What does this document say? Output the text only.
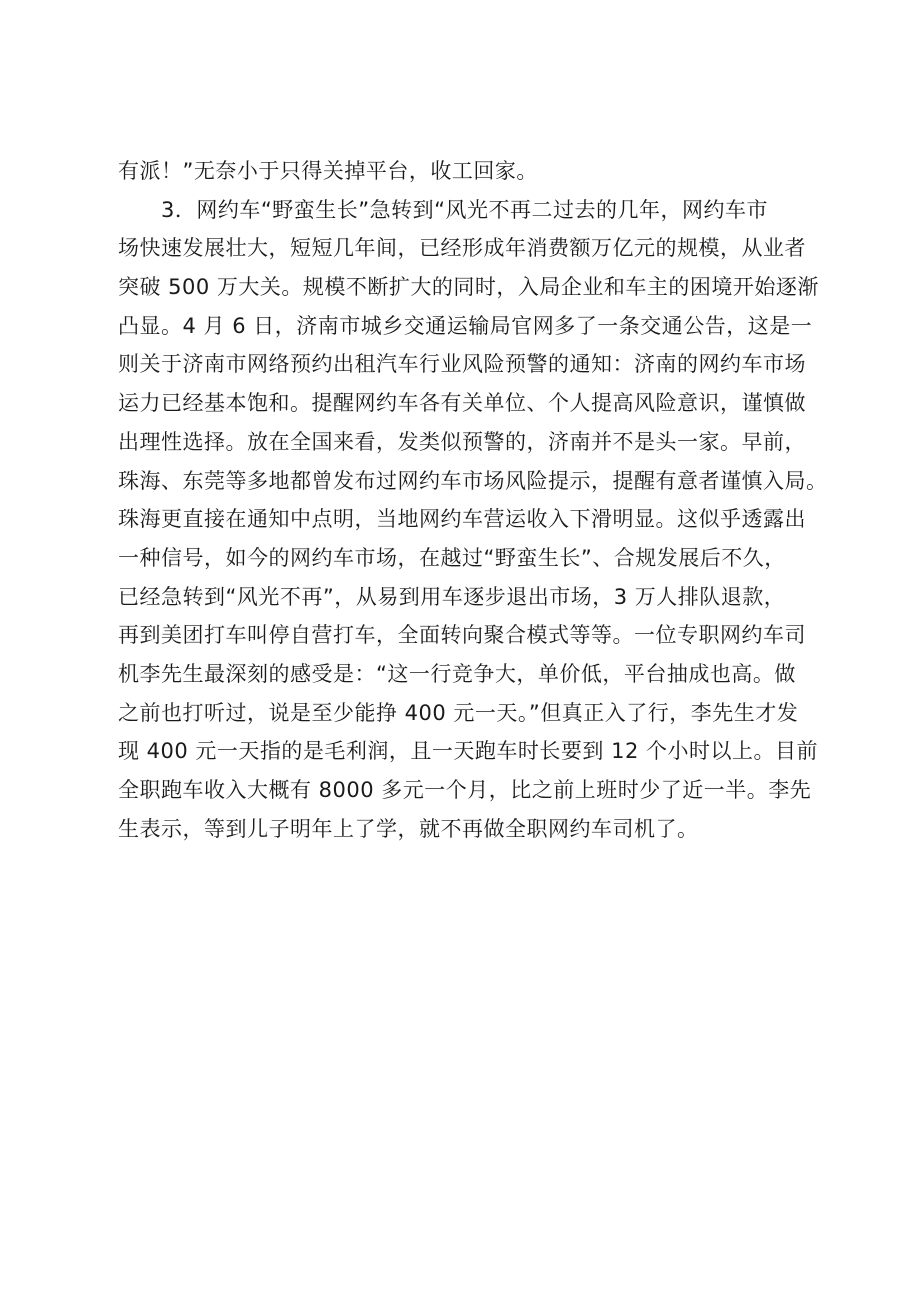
有派！”无奈小于只得关掉平台，收工回家。
　　3．网约车“野蛮生长”急转到“风光不再二过去的几年，网约车市
场快速发展壮大，短短几年间，已经形成年消费额万亿元的规模，从业者
突破 500 万大关。规模不断扩大的同时，入局企业和车主的困境开始逐渐
凸显。4 月 6 日，济南市城乡交通运输局官网多了一条交通公告，这是一
则关于济南市网络预约出租汽车行业风险预警的通知：济南的网约车市场
运力已经基本饱和。提醒网约车各有关单位、个人提高风险意识，谨慎做
出理性选择。放在全国来看，发类似预警的，济南并不是头一家。早前，
珠海、东莞等多地都曾发布过网约车市场风险提示，提醒有意者谨慎入局。
珠海更直接在通知中点明，当地网约车营运收入下滑明显。这似乎透露出
一种信号，如今的网约车市场，在越过“野蛮生长”、合规发展后不久，
已经急转到“风光不再”，从易到用车逐步退出市场，3 万人排队退款，
再到美团打车叫停自营打车，全面转向聚合模式等等。一位专职网约车司
机李先生最深刻的感受是：“这一行竞争大，单价低，平台抽成也高。做
之前也打听过，说是至少能挣 400 元一天。”但真正入了行，李先生才发
现 400 元一天指的是毛利润，且一天跑车时长要到 12 个小时以上。目前
全职跑车收入大概有 8000 多元一个月，比之前上班时少了近一半。李先
生表示，等到儿子明年上了学，就不再做全职网约车司机了。
